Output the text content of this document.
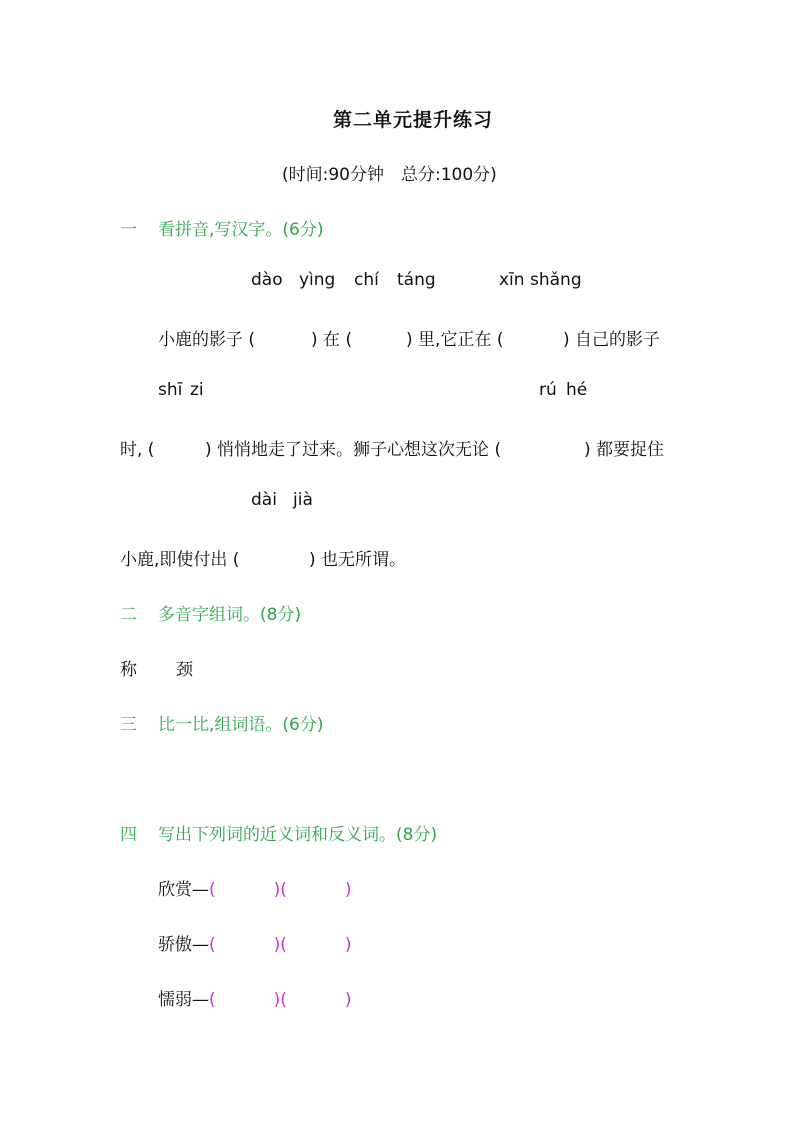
第二单元提升练习
(时间:90分钟　总分:100分)
一 看拼音,写汉字。(6分)
dào yìng chí táng	xīn shǎng
小鹿的影子 (	) 在 (	) 里,它正在 (	) 自己的影子
shī zi	rú hé
时, (	) 悄悄地走了过来。狮子心想这次无论 (	) 都要捉住
dài jià
小鹿,即使付出 (	) 也无所谓。
二 多音字组词。(8分)
称 颈
三 比一比,组词语。(6分)
四 写出下列词的近义词和反义词。(8分)
欣赏—(	)(	)
骄傲—(	)(	)
懦弱—(	)(	)
